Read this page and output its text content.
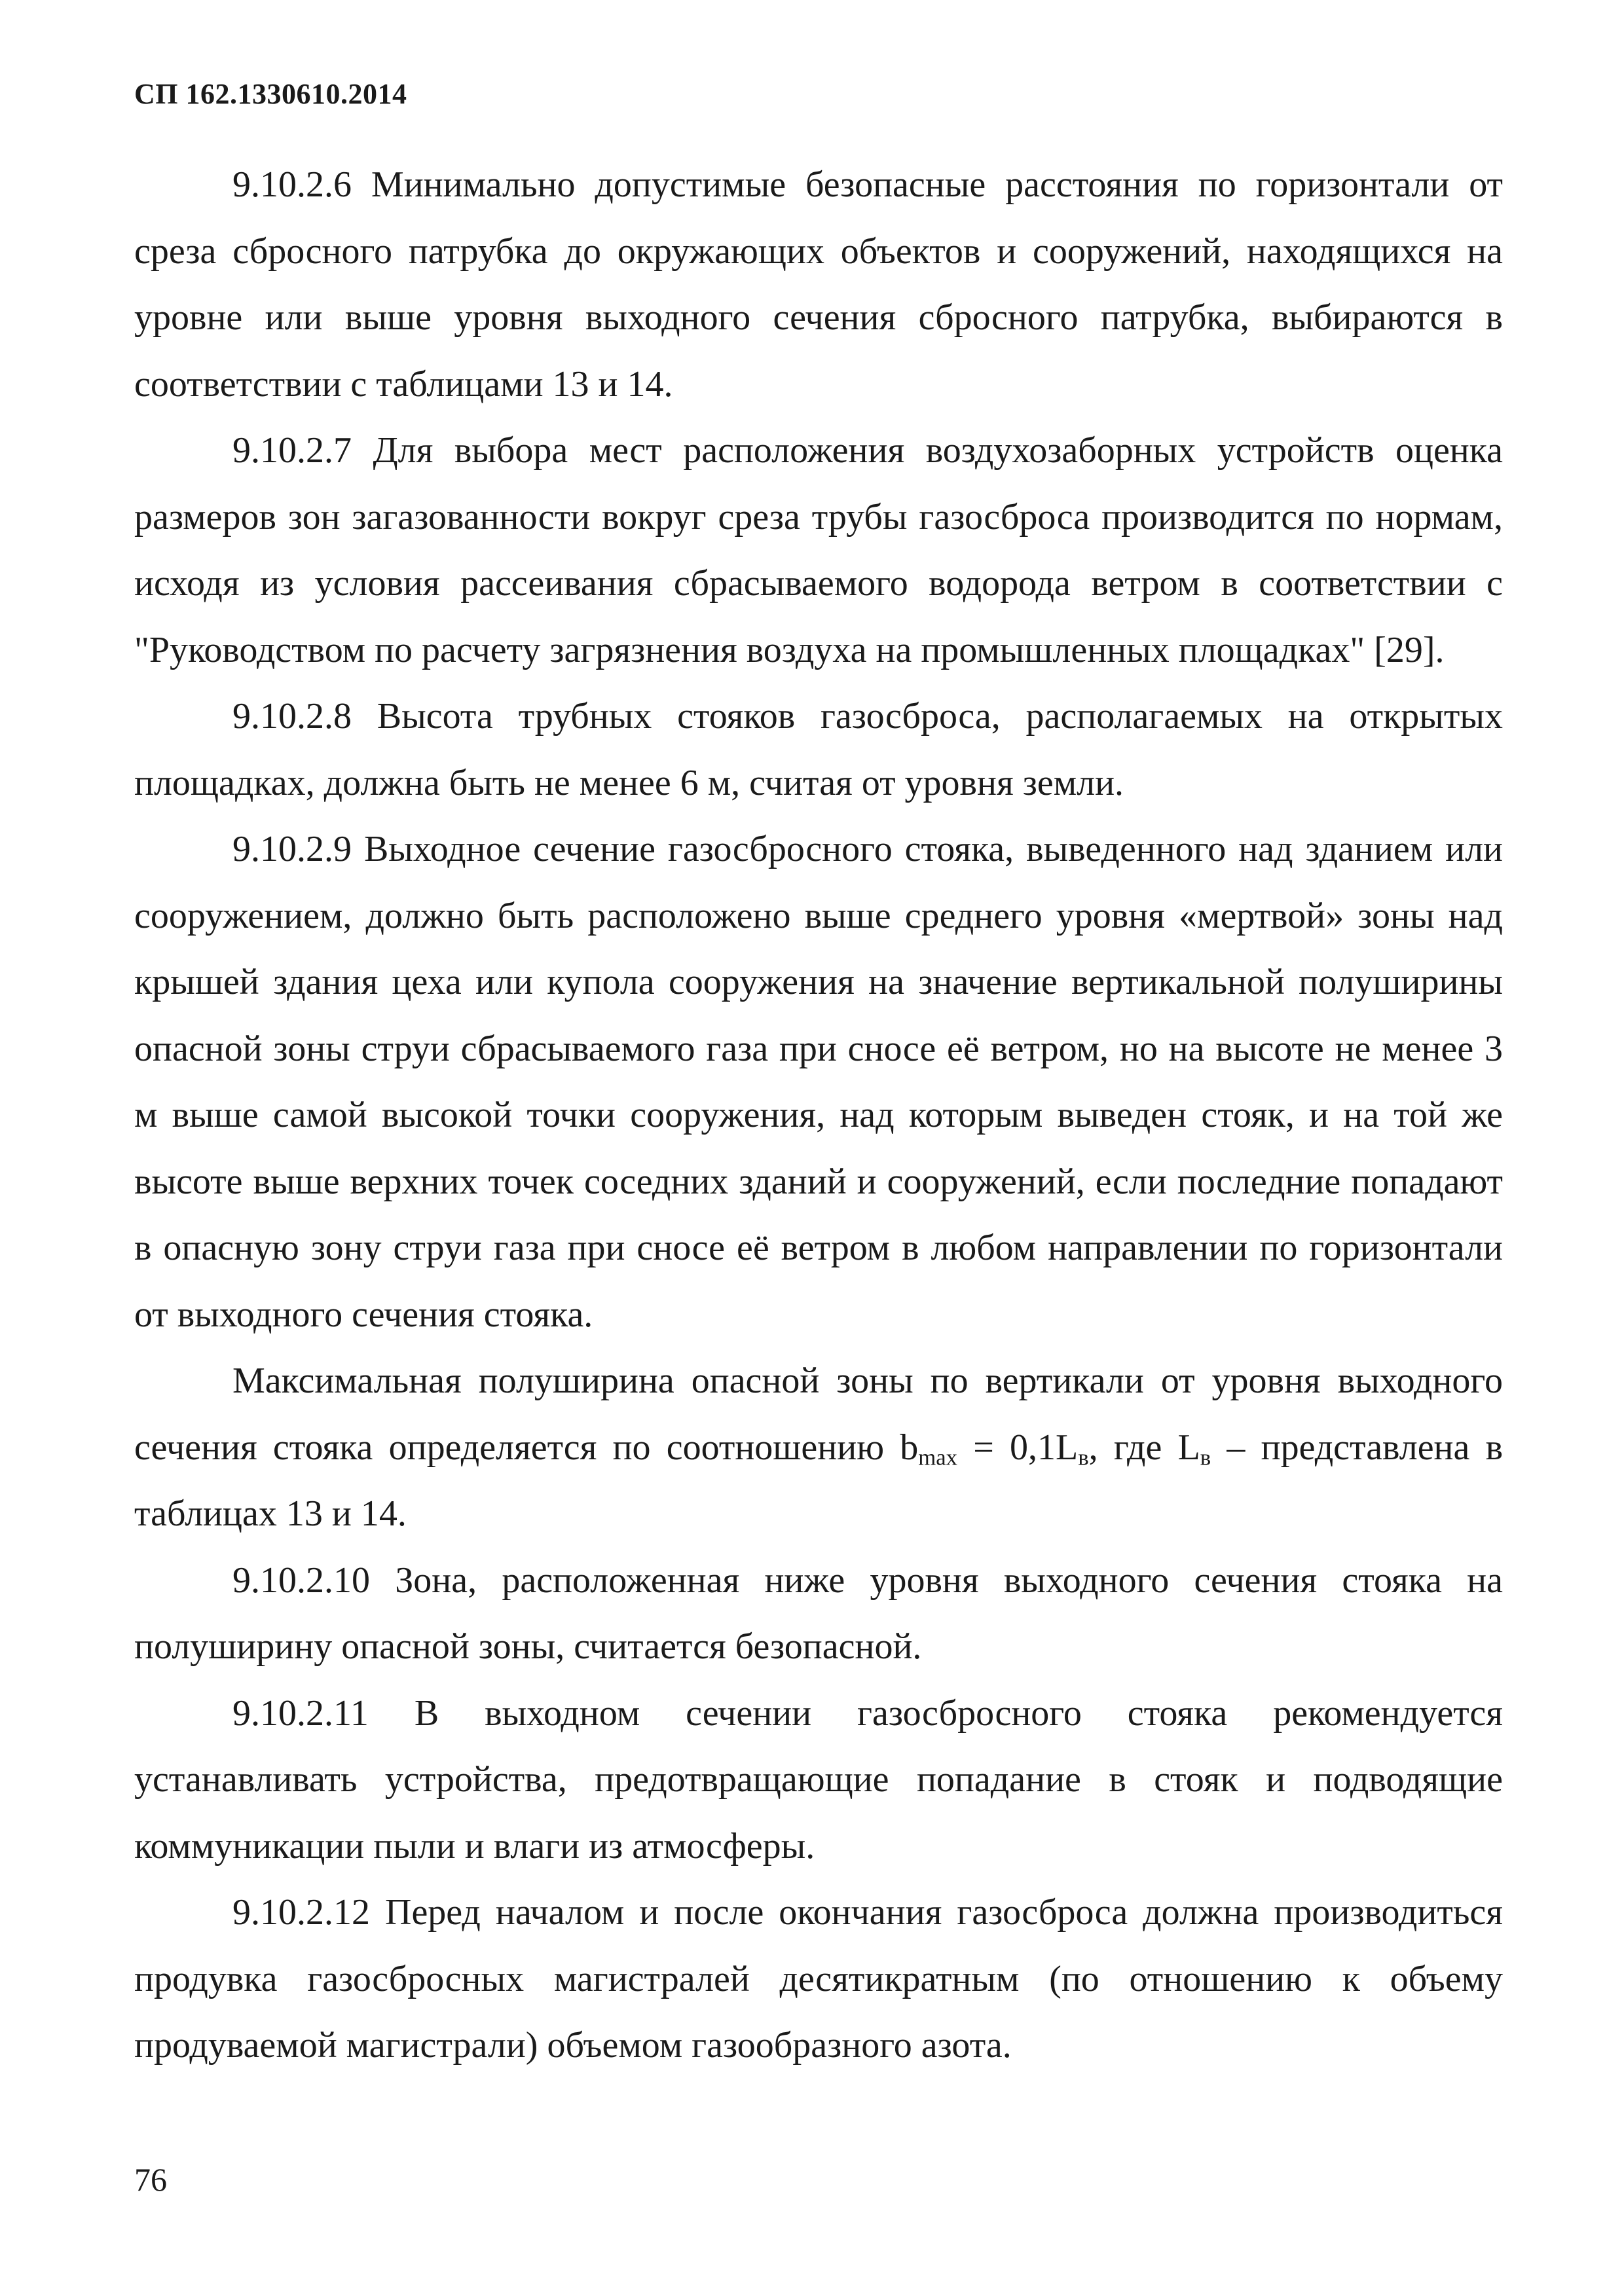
СП 162.1330610.2014

9.10.2.6 Минимально допустимые безопасные расстояния по горизонтали от среза сбросного патрубка до окружающих объектов и сооружений, находящихся на уровне или выше уровня выходного сечения сбросного патрубка, выбираются в соответствии с таблицами 13 и 14.

9.10.2.7 Для выбора мест расположения воздухозаборных устройств оценка размеров зон загазованности вокруг среза трубы газосброса производится по нормам, исходя из условия рассеивания сбрасываемого водорода ветром в соответствии с "Руководством по расчету загрязнения воздуха на промышленных площадках" [29].

9.10.2.8 Высота трубных стояков газосброса, располагаемых на открытых площадках, должна быть не менее 6 м, считая от уровня земли.

9.10.2.9 Выходное сечение газосбросного стояка, выведенного над зданием или сооружением, должно быть расположено выше среднего уровня «мертвой» зоны над крышей здания цеха или купола сооружения на значение вертикальной полуширины опасной зоны струи сбрасываемого газа при сносе её ветром, но на высоте не менее 3 м выше самой высокой точки сооружения, над которым выведен стояк, и на той же высоте выше верхних точек соседних зданий и сооружений, если последние попадают в опасную зону струи газа при сносе её ветром в любом направлении по горизонтали от выходного сечения стояка.

Максимальная полуширина опасной зоны по вертикали от уровня выходного сечения стояка определяется по соотношению $b_{max} = 0,1L_в$, где $L_в$ – представлена в таблицах 13 и 14.

9.10.2.10 Зона, расположенная ниже уровня выходного сечения стояка на полуширину опасной зоны, считается безопасной.

9.10.2.11 В выходном сечении газосбросного стояка рекомендуется устанавливать устройства, предотвращающие попадание в стояк и подводящие коммуникации пыли и влаги из атмосферы.

9.10.2.12 Перед началом и после окончания газосброса должна производиться продувка газосбросных магистралей десятикратным (по отношению к объему продуваемой магистрали) объемом газообразного азота.

76
